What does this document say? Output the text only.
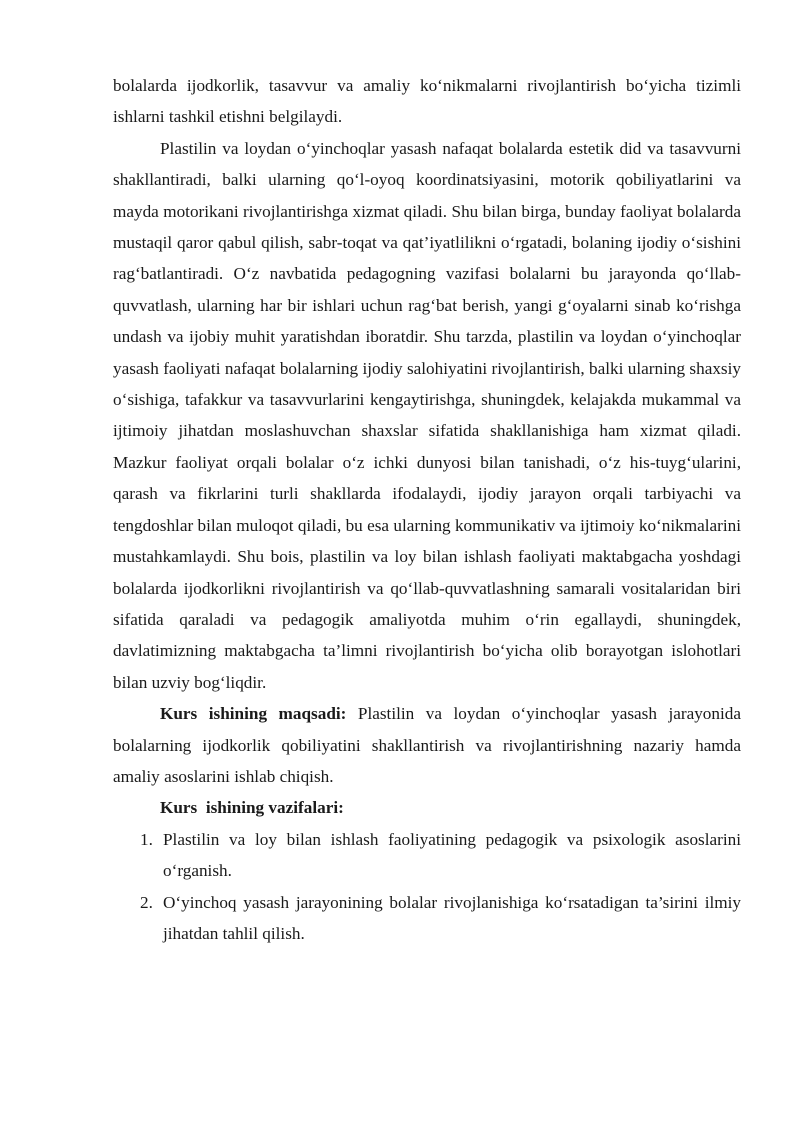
bolalarda ijodkorlik, tasavvur va amaliy ko‘nikmalarni rivojlantirish bo‘yicha tizimli ishlarni tashkil etishni belgilaydi.

Plastilin va loydan o‘yinchoqlar yasash nafaqat bolalarda estetik did va tasavvurni shakllantiradi, balki ularning qo‘l-oyoq koordinatsiyasini, motorik qobiliyatlarini va mayda motorikani rivojlantirishga xizmat qiladi. Shu bilan birga, bunday faoliyat bolalarda mustaqil qaror qabul qilish, sabr-toqat va qat’iyatlilikni o‘rgatadi, bolaning ijodiy o‘sishini rag‘batlantiradi. O‘z navbatida pedagogning vazifasi bolalarni bu jarayonda qo‘llab-quvvatlash, ularning har bir ishlari uchun rag‘bat berish, yangi g‘oyalarni sinab ko‘rishga undash va ijobiy muhit yaratishdan iboratdir. Shu tarzda, plastilin va loydan o‘yinchoqlar yasash faoliyati nafaqat bolalarning ijodiy salohiyatini rivojlantirish, balki ularning shaxsiy o‘sishiga, tafakkur va tasavvurlarini kengaytirishga, shuningdek, kelajakda mukammal va ijtimoiy jihatdan moslashuvchan shaxslar sifatida shakllanishiga ham xizmat qiladi. Mazkur faoliyat orqali bolalar o‘z ichki dunyosi bilan tanishadi, o‘z his-tuyg‘ularini, qarash va fikrlarini turli shakllarda ifodalaydi, ijodiy jarayon orqali tarbiyachi va tengdoshlar bilan muloqot qiladi, bu esa ularning kommunikativ va ijtimoiy ko‘nikmalarini mustahkamlaydi. Shu bois, plastilin va loy bilan ishlash faoliyati maktabgacha yoshdagi bolalarda ijodkorlikni rivojlantirish va qo‘llab-quvvatlashning samarali vositalaridan biri sifatida qaraladi va pedagogik amaliyotda muhim o‘rin egallaydi, shuningdek, davlatimizning maktabgacha ta’limni rivojlantirish bo‘yicha olib borayotgan islohotlari bilan uzviy bog‘liqdir.

Kurs ishining maqsadi: Plastilin va loydan o‘yinchoqlar yasash jarayonida bolalarning ijodkorlik qobiliyatini shakllantirish va rivojlantirishning nazariy hamda amaliy asoslarini ishlab chiqish.

Kurs  ishining vazifalari:

1. Plastilin va loy bilan ishlash faoliyatining pedagogik va psixologik asoslarini o‘rganish.
2. O‘yinchoq yasash jarayonining bolalar rivojlanishiga ko‘rsatadigan ta’sirini ilmiy jihatdan tahlil qilish.
